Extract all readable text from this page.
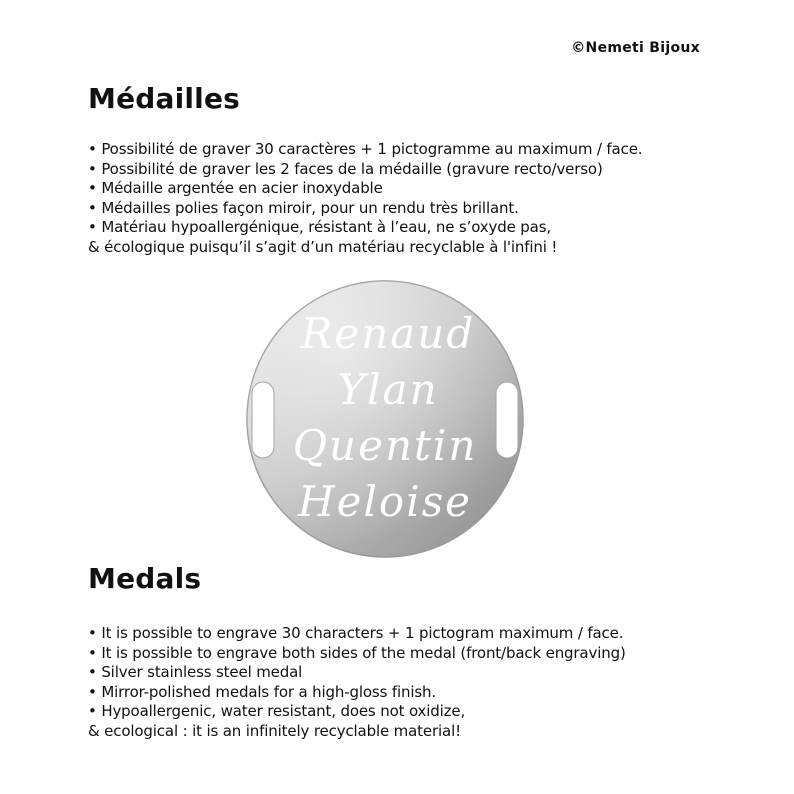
©Nemeti Bijoux
Médailles
• Possibilité de graver 30 caractères + 1 pictogramme au maximum / face.
• Possibilité de graver les 2 faces de la médaille (gravure recto/verso)
• Médaille argentée en acier inoxydable
• Médailles polies façon miroir, pour un rendu très brillant.
• Matériau hypoallergénique, résistant à l’eau, ne s’oxyde pas,
& écologique puisqu’il s’agit d’un matériau recyclable à l'infini !
Renaud
Ylan
Quentin
Heloise
Medals
• It is possible to engrave 30 characters + 1 pictogram maximum / face.
• It is possible to engrave both sides of the medal (front/back engraving)
• Silver stainless steel medal
• Mirror-polished medals for a high-gloss finish.
• Hypoallergenic, water resistant, does not oxidize,
& ecological : it is an infinitely recyclable material!
